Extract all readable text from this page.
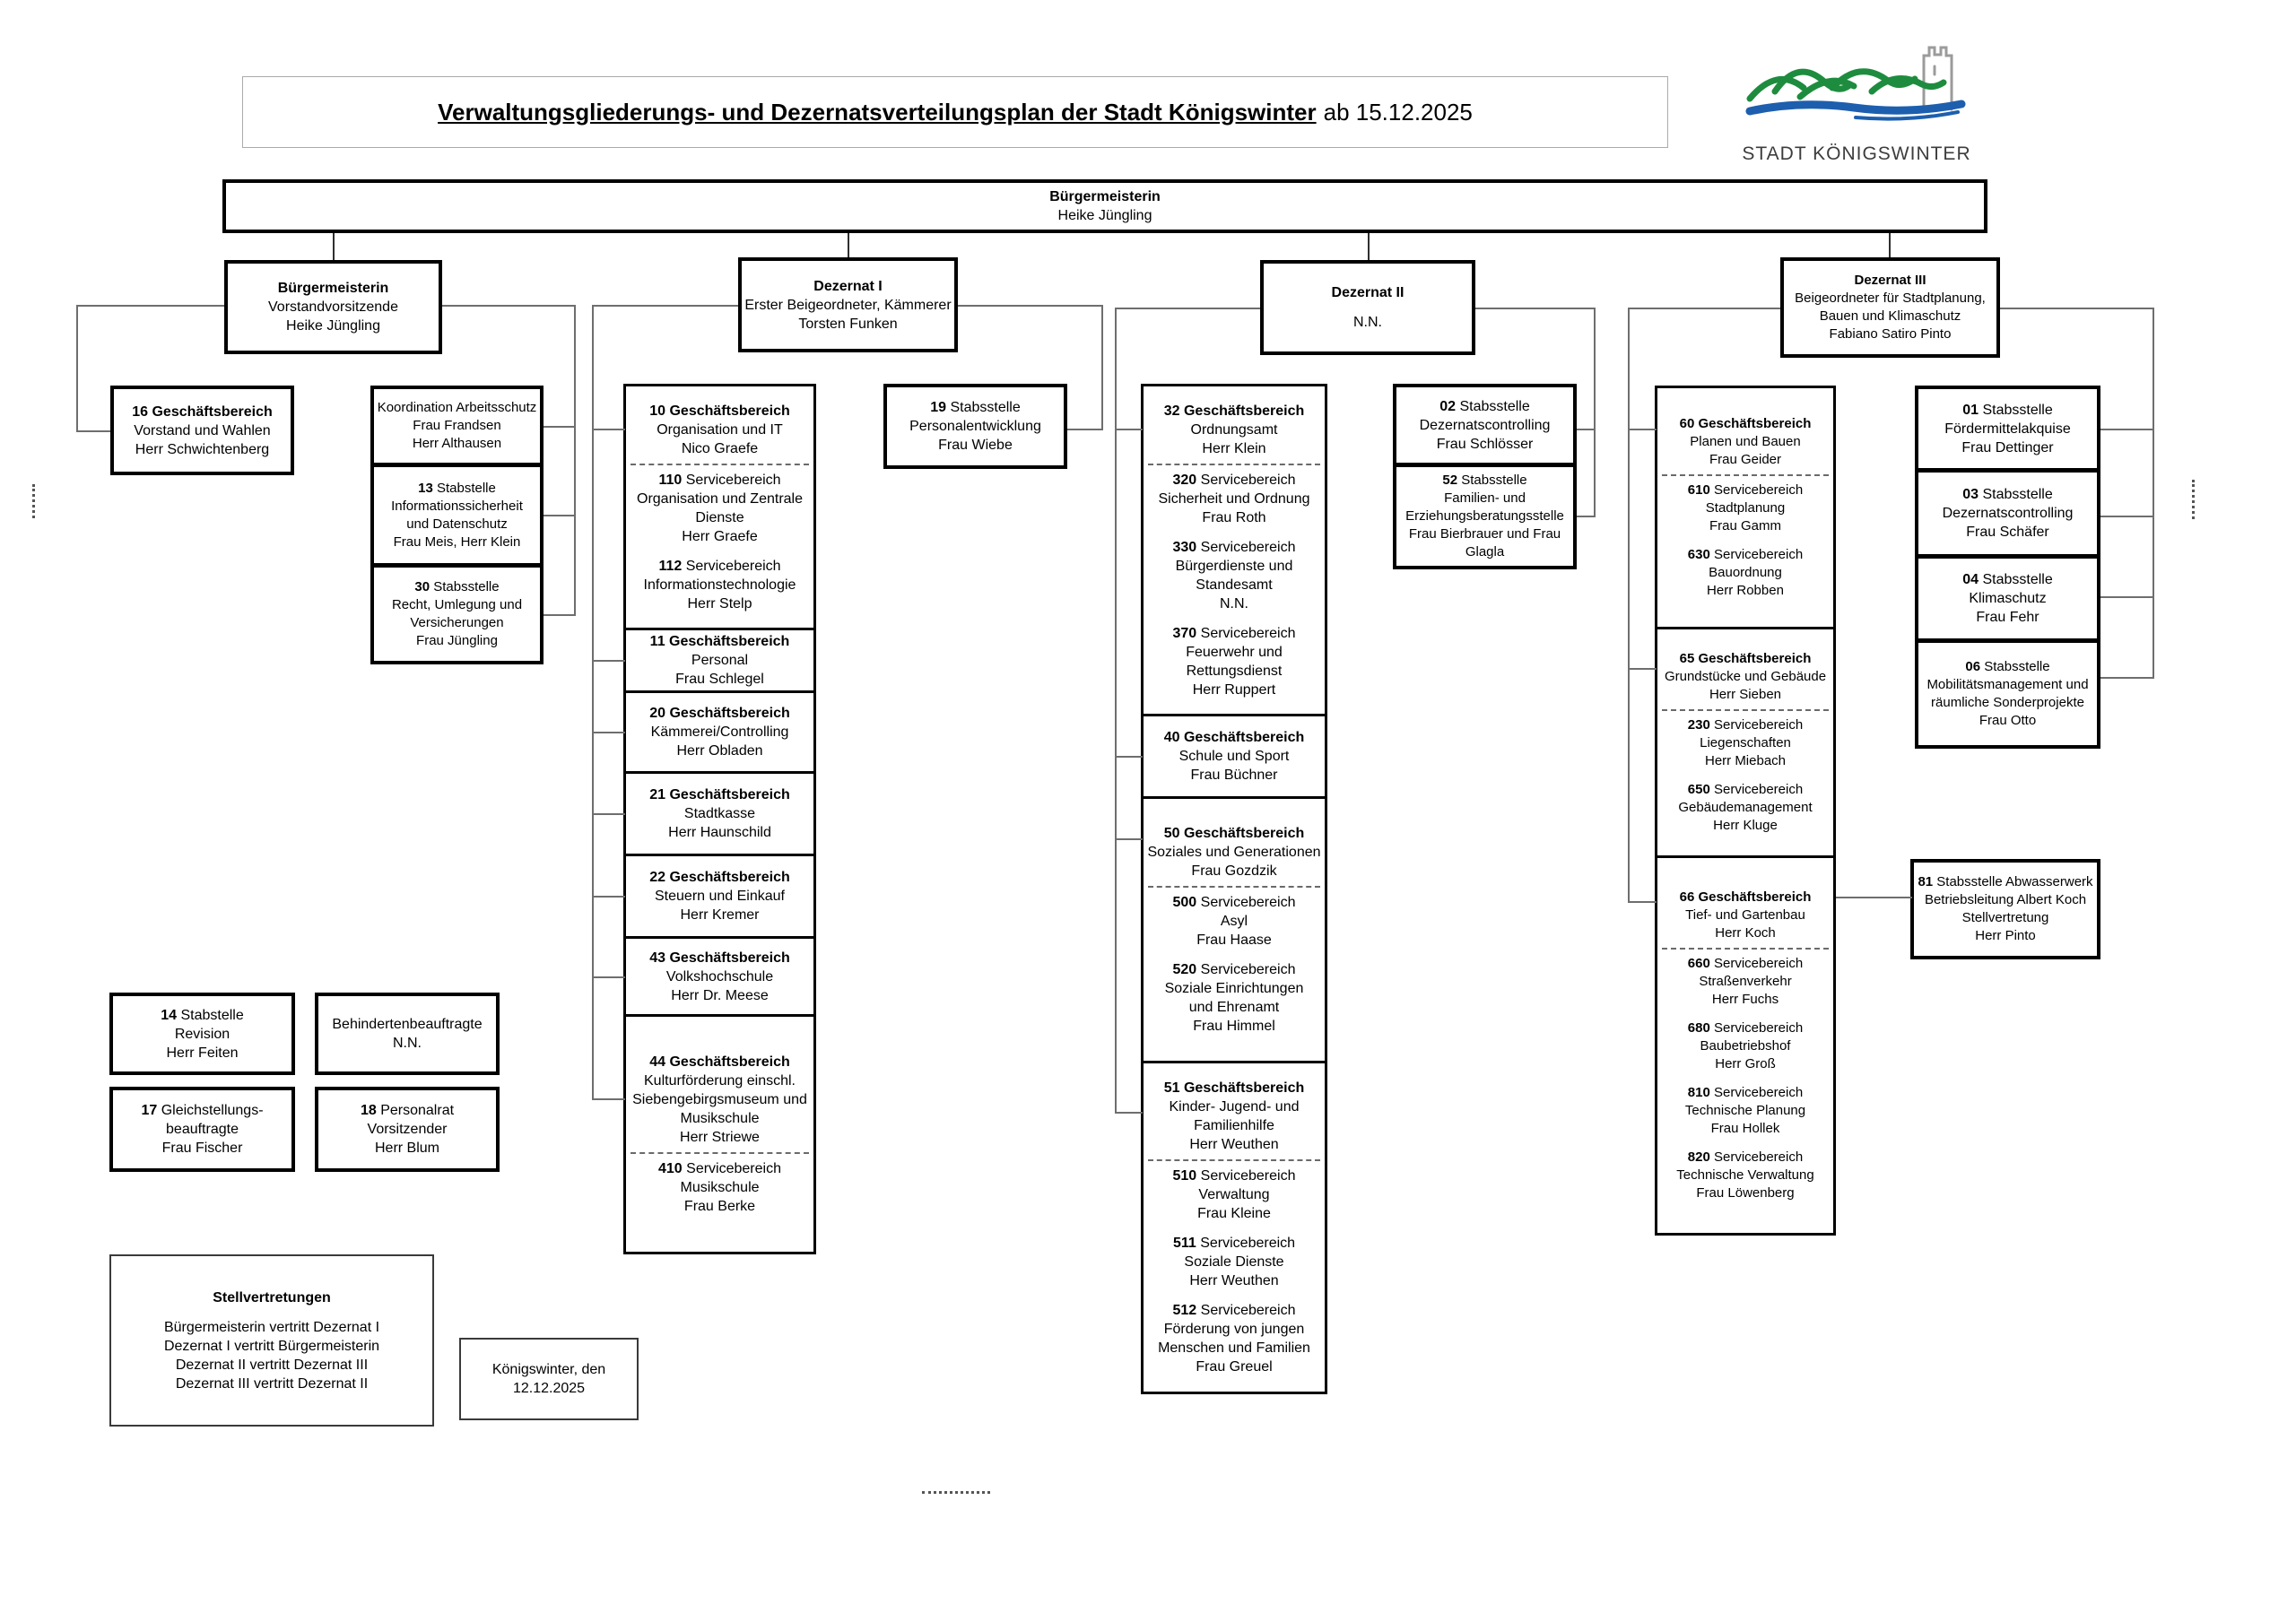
Verwaltungsgliederungs- und Dezernatsverteilungsplan der Stadt Königswinter ab 15.12.2025
STADT KÖNIGSWINTER
Bürgermeisterin
Heike Jüngling
Bürgermeisterin
Vorstandvorsitzende
Heike Jüngling
Dezernat I
Erster Beigeordneter, Kämmerer
Torsten Funken
Dezernat II
N.N.
Dezernat III
Beigeordneter für Stadtplanung,
Bauen und Klimaschutz
Fabiano Satiro Pinto
16 Geschäftsbereich
Vorstand und Wahlen
Herr Schwichtenberg
Koordination Arbeitsschutz
Frau Frandsen
Herr Althausen
13 Stabstelle
Informationssicherheit
und Datenschutz
Frau Meis, Herr Klein
30 Stabsstelle
Recht, Umlegung und
Versicherungen
Frau Jüngling
10 Geschäftsbereich
Organisation und IT
Nico Graefe
110 Servicebereich
Organisation und Zentrale
Dienste
Herr Graefe
112 Servicebereich
Informationstechnologie
Herr Stelp
11 Geschäftsbereich
Personal
Frau Schlegel
20 Geschäftsbereich
Kämmerei/Controlling
Herr Obladen
21 Geschäftsbereich
Stadtkasse
Herr Haunschild
22 Geschäftsbereich
Steuern und Einkauf
Herr Kremer
43 Geschäftsbereich
Volkshochschule
Herr Dr. Meese
44 Geschäftsbereich
Kulturförderung einschl.
Siebengebirgsmuseum und
Musikschule
Herr Striewe
410 Servicebereich
Musikschule
Frau Berke
19 Stabsstelle
Personalentwicklung
Frau Wiebe
32 Geschäftsbereich
Ordnungsamt
Herr Klein
320 Servicebereich
Sicherheit und Ordnung
Frau Roth
330 Servicebereich
Bürgerdienste und
Standesamt
N.N.
370 Servicebereich
Feuerwehr und
Rettungsdienst
Herr Ruppert
40 Geschäftsbereich
Schule und Sport
Frau Büchner
50 Geschäftsbereich
Soziales und Generationen
Frau Gozdzik
500 Servicebereich
Asyl
Frau Haase
520 Servicebereich
Soziale Einrichtungen
und Ehrenamt
Frau Himmel
51 Geschäftsbereich
Kinder- Jugend- und
Familienhilfe
Herr Weuthen
510 Servicebereich
Verwaltung
Frau Kleine
511 Servicebereich
Soziale Dienste
Herr Weuthen
512 Servicebereich
Förderung von jungen
Menschen und Familien
Frau Greuel
02 Stabsstelle
Dezernatscontrolling
Frau Schlösser
52 Stabsstelle
Familien- und
Erziehungsberatungsstelle
Frau Bierbrauer und Frau
Glagla
60 Geschäftsbereich
Planen und Bauen
Frau Geider
610 Servicebereich
Stadtplanung
Frau Gamm
630 Servicebereich
Bauordnung
Herr Robben
65 Geschäftsbereich
Grundstücke und Gebäude
Herr Sieben
230 Servicebereich
Liegenschaften
Herr Miebach
650 Servicebereich
Gebäudemanagement
Herr Kluge
66 Geschäftsbereich
Tief- und Gartenbau
Herr Koch
660 Servicebereich
Straßenverkehr
Herr Fuchs
680 Servicebereich
Baubetriebshof
Herr Groß
810 Servicebereich
Technische Planung
Frau Hollek
820 Servicebereich
Technische Verwaltung
Frau Löwenberg
01 Stabsstelle
Fördermittelakquise
Frau Dettinger
03 Stabsstelle
Dezernatscontrolling
Frau Schäfer
04 Stabsstelle
Klimaschutz
Frau Fehr
06 Stabsstelle
Mobilitätsmanagement und
räumliche Sonderprojekte
Frau Otto
81 Stabsstelle Abwasserwerk
Betriebsleitung Albert Koch
Stellvertretung
Herr Pinto
14 Stabstelle
Revision
Herr Feiten
Behindertenbeauftragte
N.N.
17 Gleichstellungs-
beauftragte
Frau Fischer
18 Personalrat
Vorsitzender
Herr Blum
Stellvertretungen
Bürgermeisterin vertritt Dezernat I
Dezernat I vertritt Bürgermeisterin
Dezernat II vertritt Dezernat III
Dezernat III vertritt Dezernat II
Königswinter, den
12.12.2025
